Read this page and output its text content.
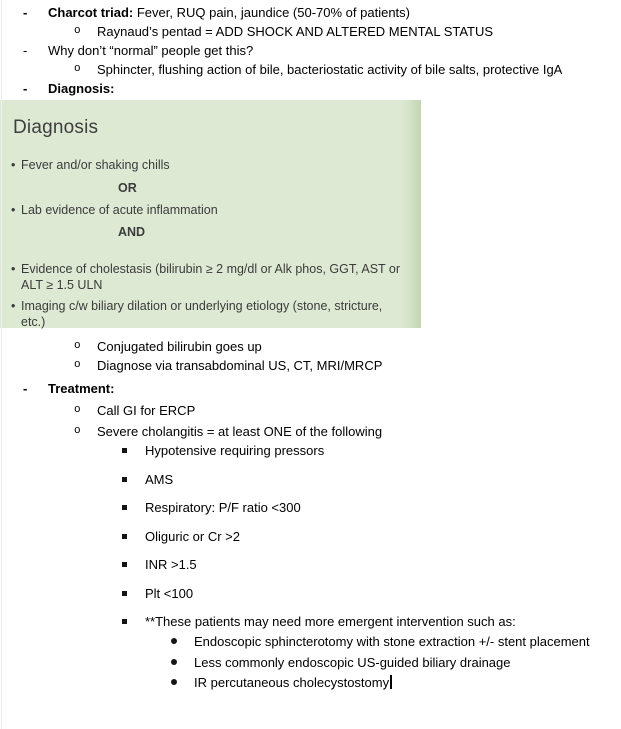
-	Charcot triad: Fever, RUQ pain, jaundice (50-70% of patients)
o	Raynaud’s pentad = ADD SHOCK AND ALTERED MENTAL STATUS
-	Why don’t “normal” people get this?
o	Sphincter, flushing action of bile, bacteriostatic activity of bile salts, protective IgA
-	Diagnosis:
Diagnosis
• Fever and/or shaking chills
OR
• Lab evidence of acute inflammation
AND
• Evidence of cholestasis (bilirubin ≥ 2 mg/dl or Alk phos, GGT, AST or ALT ≥ 1.5 ULN
• Imaging c/w biliary dilation or underlying etiology (stone, stricture, etc.)
o	Conjugated bilirubin goes up
o	Diagnose via transabdominal US, CT, MRI/MRCP
-	Treatment:
o	Call GI for ERCP
o	Severe cholangitis = at least ONE of the following
Hypotensive requiring pressors
AMS
Respiratory: P/F ratio <300
Oliguric or Cr >2
INR >1.5
Plt <100
**These patients may need more emergent intervention such as:
Endoscopic sphincterotomy with stone extraction +/- stent placement
Less commonly endoscopic US-guided biliary drainage
IR percutaneous cholecystostomy
